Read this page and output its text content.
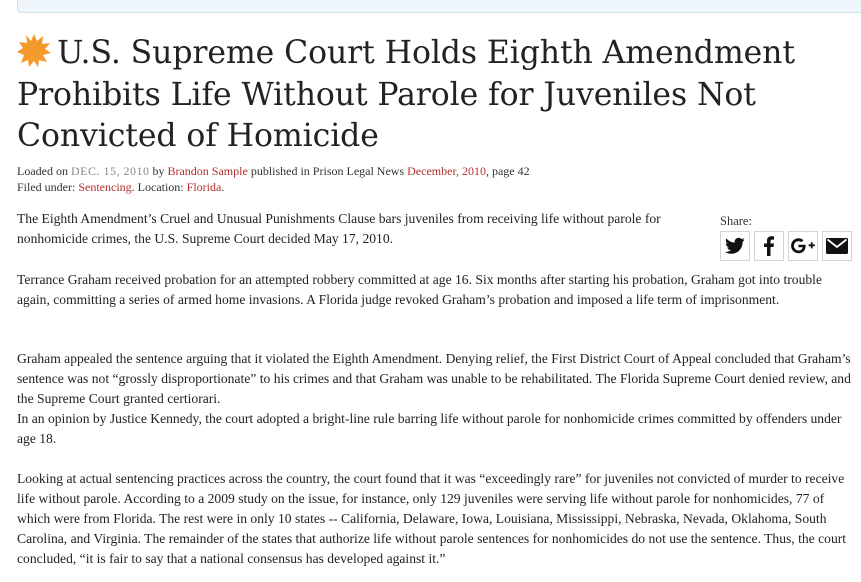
U.S. Supreme Court Holds Eighth Amendment Prohibits Life Without Parole for Juveniles Not Convicted of Homicide
Loaded on DEC. 15, 2010 by Brandon Sample published in Prison Legal News December, 2010, page 42
Filed under: Sentencing. Location: Florida.

The Eighth Amendment’s Cruel and Unusual Punishments Clause bars juveniles from receiving life without parole for nonhomicide crimes, the U.S. Supreme Court decided May 17, 2010.

Terrance Graham received probation for an attempted robbery committed at age 16. Six months after starting his probation, Graham got into trouble again, committing a series of armed home invasions. A Florida judge revoked Graham’s probation and imposed a life term of imprisonment.

Graham appealed the sentence arguing that it violated the Eighth Amendment. Denying relief, the First District Court of Appeal concluded that Graham’s sentence was not “grossly disproportionate” to his crimes and that Graham was unable to be rehabilitated. The Florida Supreme Court denied review, and the Supreme Court granted certiorari.

In an opinion by Justice Kennedy, the court adopted a bright-line rule barring life without parole for nonhomicide crimes committed by offenders under age 18.

Looking at actual sentencing practices across the country, the court found that it was “exceedingly rare” for juveniles not convicted of murder to receive life without parole. According to a 2009 study on the issue, for instance, only 129 juveniles were serving life without parole for nonhomicides, 77 of which were from Florida. The rest were in only 10 states -- California, Delaware, Iowa, Louisiana, Mississippi, Nebraska, Nevada, Oklahoma, South Carolina, and Virginia. The remainder of the states that authorize life without parole sentences for nonhomicides do not use the sentence. Thus, the court concluded, “it is fair to say that a national consensus has developed against it.”

Share:
